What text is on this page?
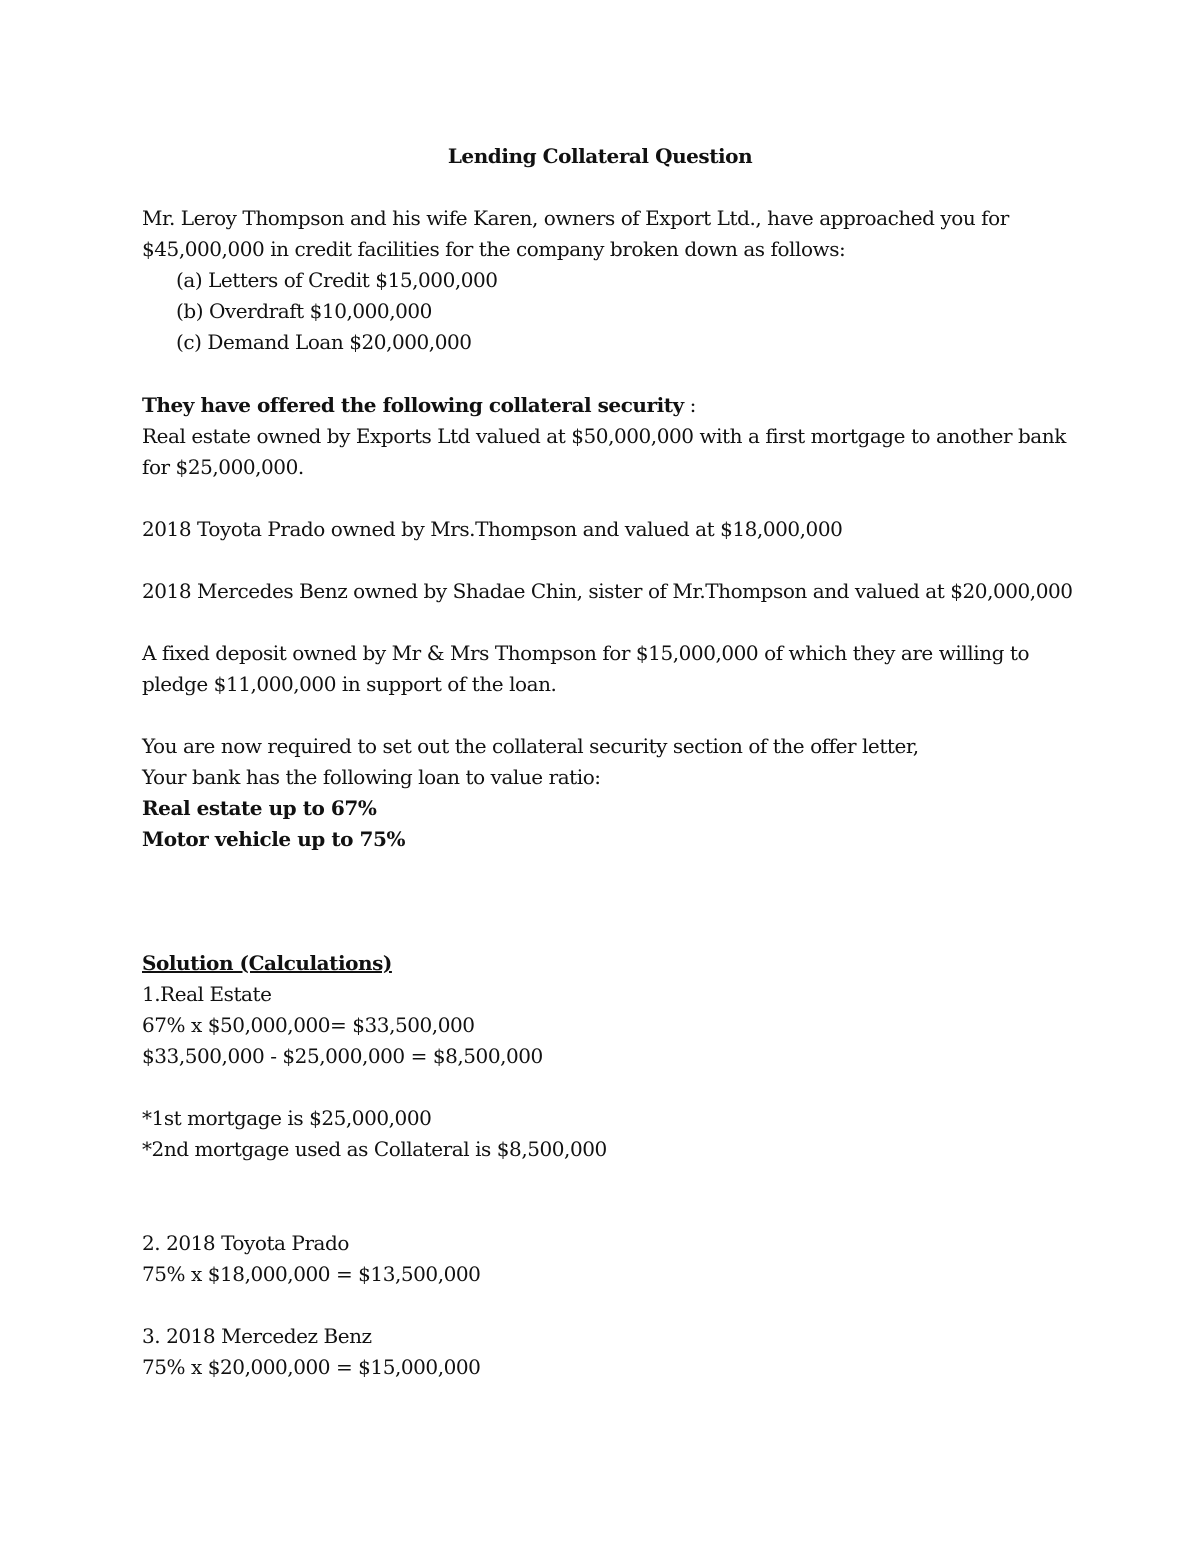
Lending Collateral Question
Mr. Leroy Thompson and his wife Karen, owners of Export Ltd., have approached you for
$45,000,000 in credit facilities for the company broken down as follows:
(a) Letters of Credit $15,000,000
(b) Overdraft $10,000,000
(c) Demand Loan $20,000,000
They have offered the following collateral security :
Real estate owned by Exports Ltd valued at $50,000,000 with a first mortgage to another bank
for $25,000,000.
2018 Toyota Prado owned by Mrs.Thompson and valued at $18,000,000
2018 Mercedes Benz owned by Shadae Chin, sister of Mr.Thompson and valued at $20,000,000
A fixed deposit owned by Mr & Mrs Thompson for $15,000,000 of which they are willing to
pledge $11,000,000 in support of the loan.
You are now required to set out the collateral security section of the offer letter,
Your bank has the following loan to value ratio:
Real estate up to 67%
Motor vehicle up to 75%
Solution (Calculations)
1.Real Estate
67% x $50,000,000= $33,500,000
$33,500,000 - $25,000,000 = $8,500,000
*1st mortgage is $25,000,000
*2nd mortgage used as Collateral is $8,500,000
2. 2018 Toyota Prado
75% x $18,000,000 = $13,500,000
3. 2018 Mercedez Benz
75% x $20,000,000 = $15,000,000
